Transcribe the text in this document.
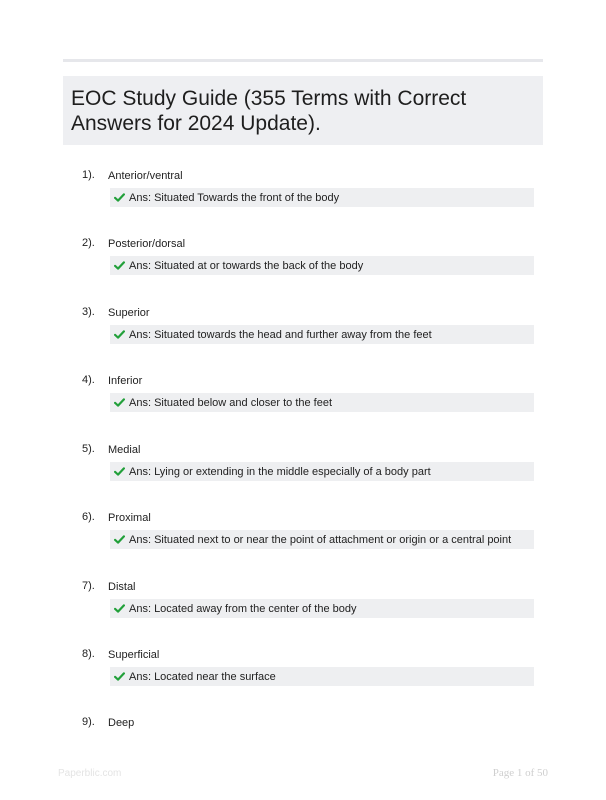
EOC Study Guide (355 Terms with Correct Answers for 2024 Update).
1). Anterior/ventral
Ans: Situated Towards the front of the body
2). Posterior/dorsal
Ans: Situated at or towards the back of the body
3). Superior
Ans: Situated towards the head and further away from the feet
4). Inferior
Ans: Situated below and closer to the feet
5). Medial
Ans: Lying or extending in the middle especially of a body part
6). Proximal
Ans: Situated next to or near the point of attachment or origin or a central point
7). Distal
Ans: Located away from the center of the body
8). Superficial
Ans: Located near the surface
9). Deep
Paperblic.com	Page 1 of 50
